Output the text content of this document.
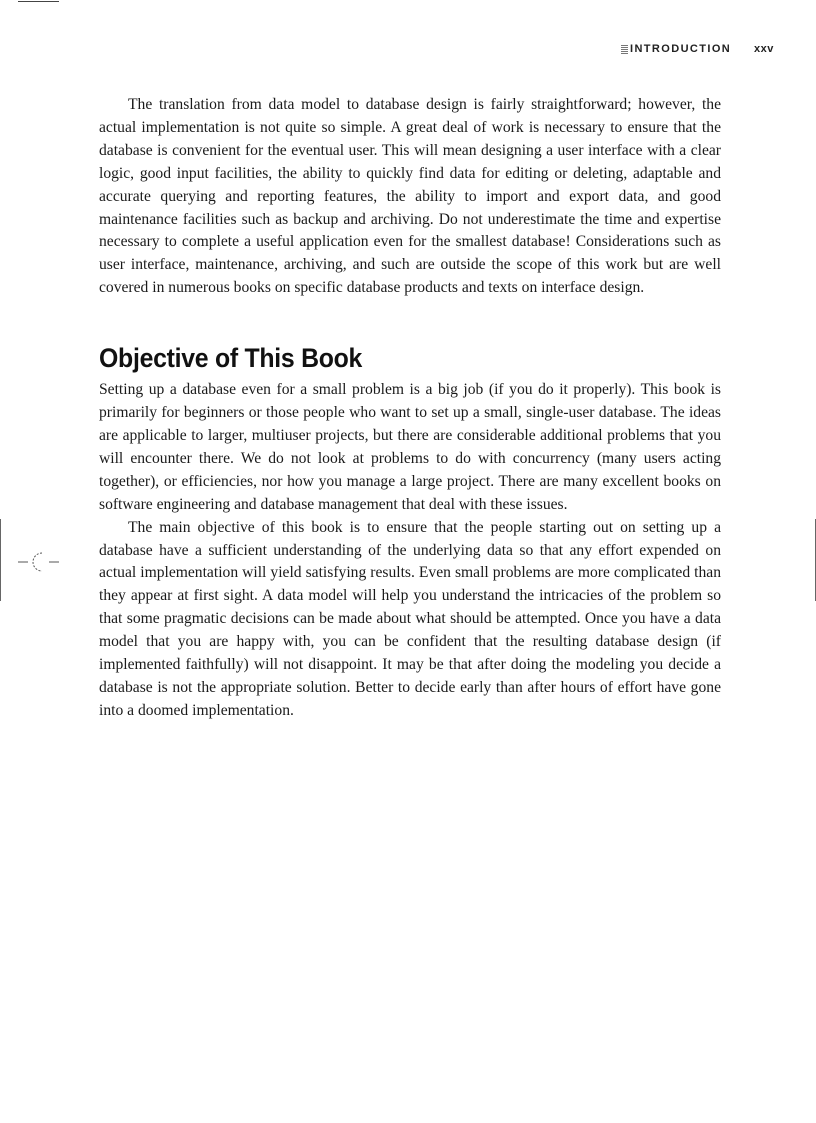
INTRODUCTION xxv

The translation from data model to database design is fairly straightforward; however, the actual implementation is not quite so simple. A great deal of work is necessary to ensure that the database is convenient for the eventual user. This will mean designing a user interface with a clear logic, good input facilities, the ability to quickly find data for editing or deleting, adaptable and accurate querying and reporting features, the ability to import and export data, and good maintenance facilities such as backup and archiving. Do not underestimate the time and expertise necessary to complete a useful application even for the smallest database! Considerations such as user interface, maintenance, archiving, and such are outside the scope of this work but are well covered in numerous books on specific database products and texts on interface design.

Objective of This Book

Setting up a database even for a small problem is a big job (if you do it properly). This book is primarily for beginners or those people who want to set up a small, single-user database. The ideas are applicable to larger, multiuser projects, but there are considerable additional problems that you will encounter there. We do not look at problems to do with concurrency (many users acting together), or efficiencies, nor how you manage a large project. There are many excellent books on software engineering and database management that deal with these issues.

The main objective of this book is to ensure that the people starting out on setting up a database have a sufficient understanding of the underlying data so that any effort expended on actual implementation will yield satisfying results. Even small problems are more complicated than they appear at first sight. A data model will help you understand the intricacies of the problem so that some pragmatic decisions can be made about what should be attempted. Once you have a data model that you are happy with, you can be confident that the resulting database design (if implemented faithfully) will not disappoint. It may be that after doing the modeling you decide a database is not the appropriate solution. Better to decide early than after hours of effort have gone into a doomed implementation.
